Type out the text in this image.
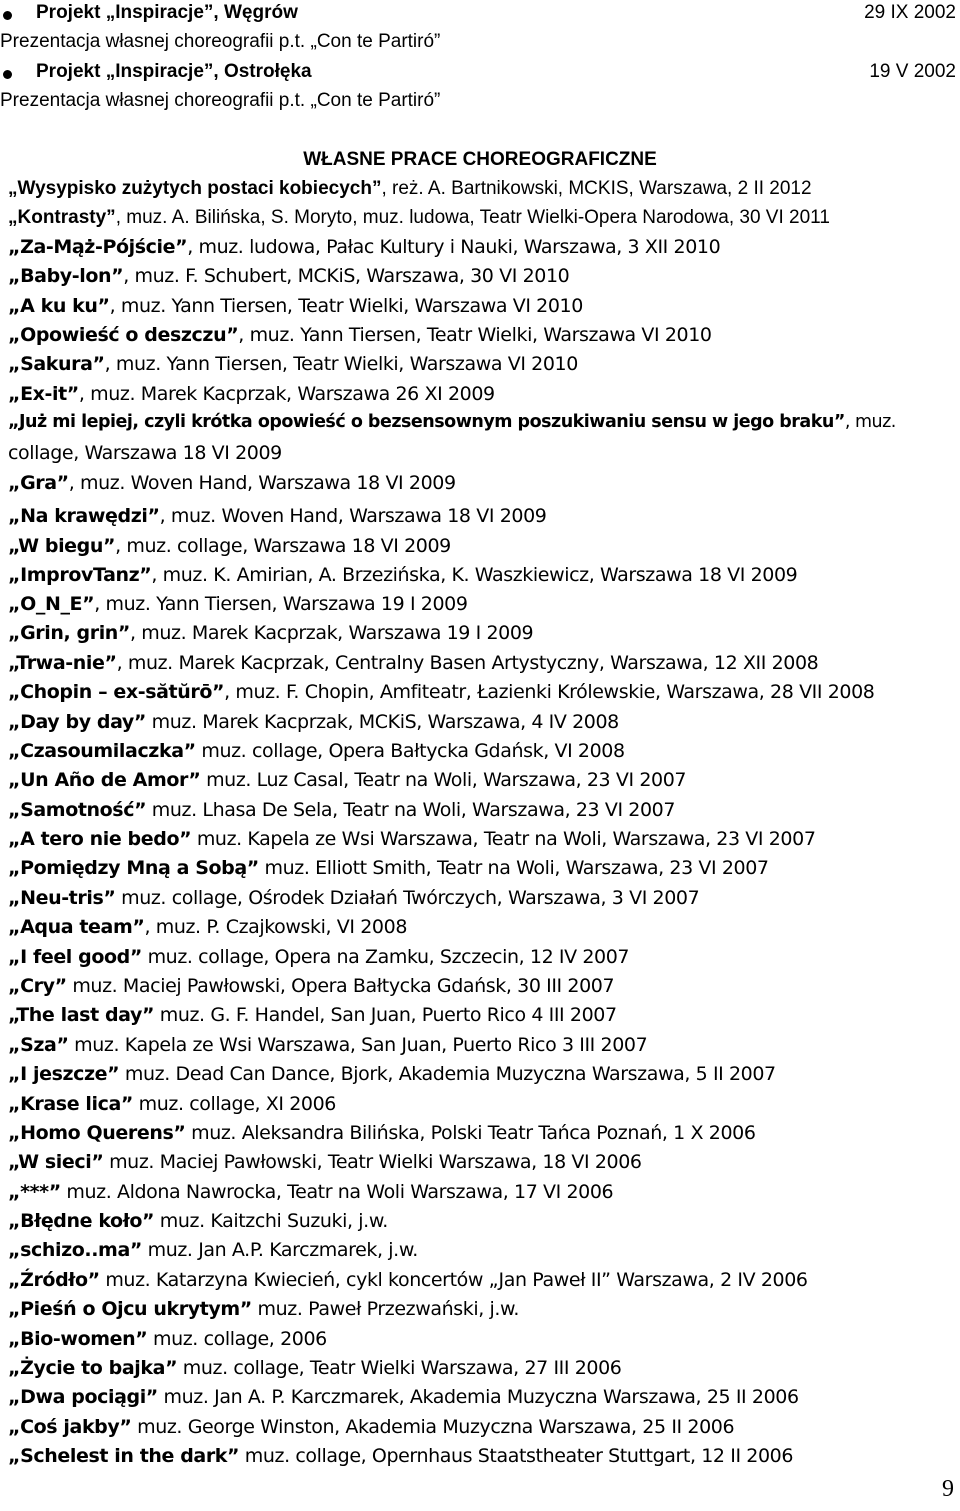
Projekt „Inspiracje”, Węgrów	29 IX 2002
Prezentacja własnej choreografii p.t. „Con te Partiró”
Projekt „Inspiracje”, Ostrołęka	19 V 2002
Prezentacja własnej choreografii p.t. „Con te Partiró”
WŁASNE PRACE CHOREOGRAFICZNE
„Wysypisko zużytych postaci kobiecych”, reż. A. Bartnikowski, MCKIS, Warszawa, 2 II 2012
„Kontrasty”, muz. A. Bilińska, S. Moryto, muz. ludowa, Teatr Wielki-Opera Narodowa, 30 VI 2011
„Za-Mąż-Pójście”, muz. ludowa, Pałac Kultury i Nauki, Warszawa, 3 XII 2010
„Baby-lon”, muz. F. Schubert, MCKiS, Warszawa, 30 VI 2010
„A ku ku”, muz. Yann Tiersen, Teatr Wielki, Warszawa VI 2010
„Opowieść o deszczu”, muz. Yann Tiersen, Teatr Wielki, Warszawa VI 2010
„Sakura”, muz. Yann Tiersen, Teatr Wielki, Warszawa VI 2010
„Ex-it”, muz. Marek Kacprzak, Warszawa 26 XI 2009
„Już mi lepiej, czyli krótka opowieść o bezsensownym poszukiwaniu sensu w jego braku”, muz.
collage, Warszawa 18 VI 2009
„Gra”, muz. Woven Hand, Warszawa 18 VI 2009
„Na krawędzi”, muz. Woven Hand, Warszawa 18 VI 2009
„W biegu”, muz. collage, Warszawa 18 VI 2009
„ImprovTanz”, muz. K. Amirian, A. Brzezińska, K. Waszkiewicz, Warszawa 18 VI 2009
„O_N_E”, muz. Yann Tiersen, Warszawa 19 I 2009
„Grin, grin”, muz. Marek Kacprzak, Warszawa 19 I 2009
„Trwa-nie”, muz. Marek Kacprzak, Centralny Basen Artystyczny, Warszawa, 12 XII 2008
„Chopin – ex-sătŭrō”, muz. F. Chopin, Amfiteatr, Łazienki Królewskie, Warszawa, 28 VII 2008
„Day by day” muz. Marek Kacprzak, MCKiS, Warszawa, 4 IV 2008
„Czasoumilaczka” muz. collage, Opera Bałtycka Gdańsk, VI 2008
„Un Año de Amor” muz. Luz Casal, Teatr na Woli, Warszawa, 23 VI 2007
„Samotność” muz. Lhasa De Sela, Teatr na Woli, Warszawa, 23 VI 2007
„A tero nie bedo” muz. Kapela ze Wsi Warszawa, Teatr na Woli, Warszawa, 23 VI 2007
„Pomiędzy Mną a Sobą” muz. Elliott Smith, Teatr na Woli, Warszawa, 23 VI 2007
„Neu-tris” muz. collage, Ośrodek Działań Twórczych, Warszawa, 3 VI 2007
„Aqua team”, muz. P. Czajkowski, VI 2008
„I feel good” muz. collage, Opera na Zamku, Szczecin, 12 IV 2007
„Cry” muz. Maciej Pawłowski, Opera Bałtycka Gdańsk, 30 III 2007
„The last day” muz. G. F. Handel, San Juan, Puerto Rico 4 III 2007
„Sza” muz. Kapela ze Wsi Warszawa, San Juan, Puerto Rico 3 III 2007
„I jeszcze” muz. Dead Can Dance, Bjork, Akademia Muzyczna Warszawa, 5 II 2007
„Krase lica” muz. collage, XI 2006
„Homo Querens” muz. Aleksandra Bilińska, Polski Teatr Tańca Poznań, 1 X 2006
„W sieci” muz. Maciej Pawłowski, Teatr Wielki Warszawa, 18 VI 2006
„***” muz. Aldona Nawrocka, Teatr na Woli Warszawa, 17 VI 2006
„Błędne koło” muz. Kaitzchi Suzuki, j.w.
„schizo..ma” muz. Jan A.P. Karczmarek, j.w.
„Źródło” muz. Katarzyna Kwiecień, cykl koncertów „Jan Paweł II” Warszawa, 2 IV 2006
„Pieśń o Ojcu ukrytym” muz. Paweł Przezwański, j.w.
„Bio-women” muz. collage, 2006
„Życie to bajka” muz. collage, Teatr Wielki Warszawa, 27 III 2006
„Dwa pociągi” muz. Jan A. P. Karczmarek, Akademia Muzyczna Warszawa, 25 II 2006
„Coś jakby” muz. George Winston, Akademia Muzyczna Warszawa, 25 II 2006
„Schelest in the dark” muz. collage, Opernhaus Staatstheater Stuttgart, 12 II 2006
9
